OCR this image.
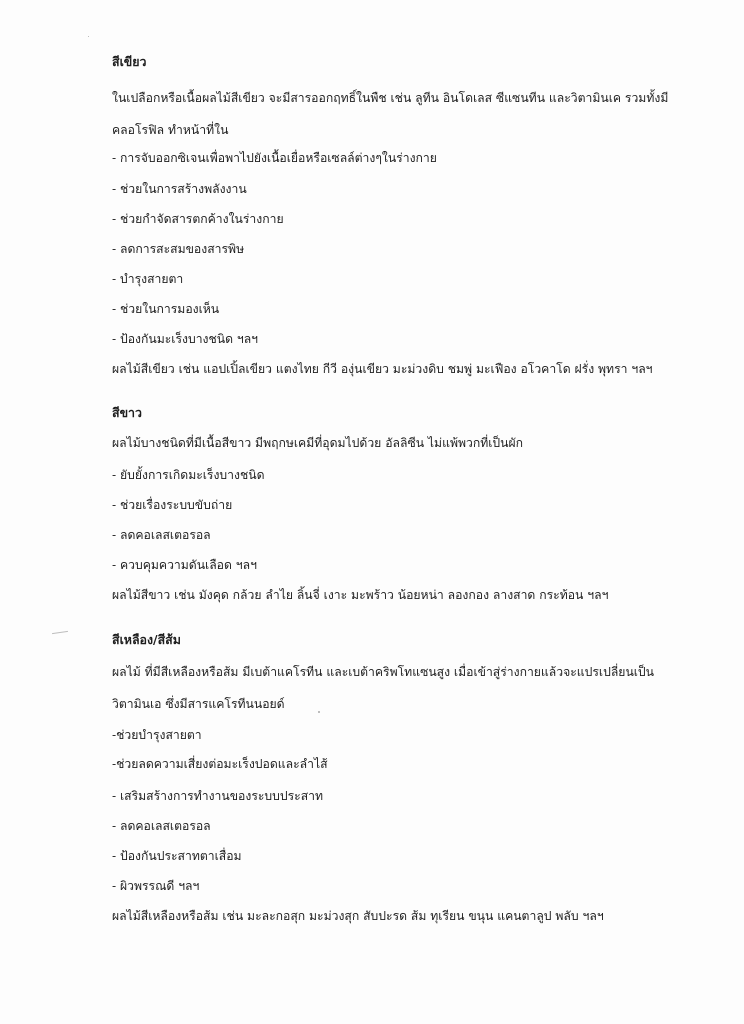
สีเขียว
ในเปลือกหรือเนื้อผลไม้สีเขียว จะมีสารออกฤทธิ์ในพืช เช่น ลูทีน อินโดเลส ซีแซนทีน และวิตามินเค รวมทั้งมี
คลอโรฟิล ทำหน้าที่ใน
- การจับออกซิเจนเพื่อพาไปยังเนื้อเยื่อหรือเซลล์ต่างๆในร่างกาย
- ช่วยในการสร้างพลังงาน
- ช่วยกำจัดสารตกค้างในร่างกาย
- ลดการสะสมของสารพิษ
- บำรุงสายตา
- ช่วยในการมองเห็น
- ป้องกันมะเร็งบางชนิด ฯลฯ
ผลไม้สีเขียว เช่น แอปเปิ้ลเขียว แตงไทย กีวี องุ่นเขียว มะม่วงดิบ ชมพู่ มะเฟือง อโวคาโด ฝรั่ง พุทรา ฯลฯ
สีขาว
ผลไม้บางชนิดที่มีเนื้อสีขาว มีพฤกษเคมีที่อุดมไปด้วย อัลลิซีน ไม่แพ้พวกที่เป็นผัก
- ยับยั้งการเกิดมะเร็งบางชนิด
- ช่วยเรื่องระบบขับถ่าย
- ลดคอเลสเตอรอล
- ควบคุมความดันเลือด ฯลฯ
ผลไม้สีขาว เช่น มังคุด กล้วย ลำไย ลิ้นจี่ เงาะ มะพร้าว น้อยหน่า ลองกอง ลางสาด กระท้อน ฯลฯ
สีเหลือง/สีส้ม
ผลไม้ ที่มีสีเหลืองหรือส้ม มีเบต้าแคโรทีน และเบต้าคริพโทแซนสูง เมื่อเข้าสู่ร่างกายแล้วจะแปรเปลี่ยนเป็น
วิตามินเอ ซึ่งมีสารแคโรทีนนอยด์
-ช่วยบำรุงสายตา
-ช่วยลดความเสี่ยงต่อมะเร็งปอดและลำไส้
- เสริมสร้างการทำงานของระบบประสาท
- ลดคอเลสเตอรอล
- ป้องกันประสาทตาเสื่อม
- ผิวพรรณดี ฯลฯ
ผลไม้สีเหลืองหรือส้ม เช่น มะละกอสุก มะม่วงสุก สับปะรด ส้ม ทุเรียน ขนุน แคนตาลูป พลับ ฯลฯ
